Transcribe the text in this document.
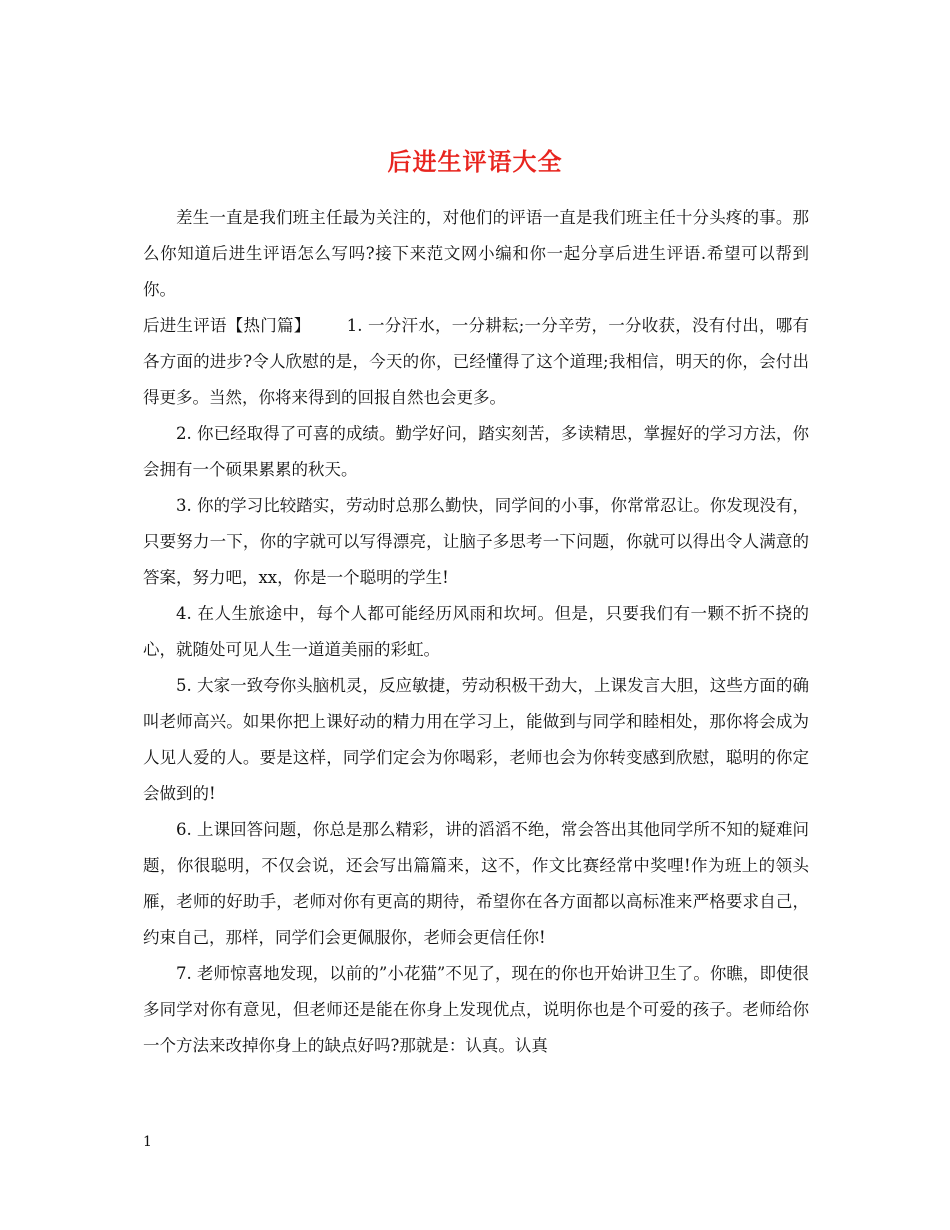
后进生评语大全

差生一直是我们班主任最为关注的，对他们的评语一直是我们班主任十分头疼的事。那么你知道后进生评语怎么写吗?接下来范文网小编和你一起分享后进生评语.希望可以帮到你。

后进生评语【热门篇】 1. 一分汗水，一分耕耘;一分辛劳，一分收获，没有付出，哪有各方面的进步?令人欣慰的是，今天的你，已经懂得了这个道理;我相信，明天的你，会付出得更多。当然，你将来得到的回报自然也会更多。

2. 你已经取得了可喜的成绩。勤学好问，踏实刻苦，多读精思，掌握好的学习方法，你会拥有一个硕果累累的秋天。

3. 你的学习比较踏实，劳动时总那么勤快，同学间的小事，你常常忍让。你发现没有，只要努力一下，你的字就可以写得漂亮，让脑子多思考一下问题，你就可以得出令人满意的答案，努力吧，xx，你是一个聪明的学生!

4. 在人生旅途中，每个人都可能经历风雨和坎坷。但是，只要我们有一颗不折不挠的心，就随处可见人生一道道美丽的彩虹。

5. 大家一致夸你头脑机灵，反应敏捷，劳动积极干劲大，上课发言大胆，这些方面的确叫老师高兴。如果你把上课好动的精力用在学习上，能做到与同学和睦相处，那你将会成为人见人爱的人。要是这样，同学们定会为你喝彩，老师也会为你转变感到欣慰，聪明的你定会做到的!

6. 上课回答问题，你总是那么精彩，讲的滔滔不绝，常会答出其他同学所不知的疑难问题，你很聪明，不仅会说，还会写出篇篇来，这不，作文比赛经常中奖哩!作为班上的领头雁，老师的好助手，老师对你有更高的期待，希望你在各方面都以高标准来严格要求自己，约束自己，那样，同学们会更佩服你，老师会更信任你!

7. 老师惊喜地发现，以前的”小花猫”不见了，现在的你也开始讲卫生了。你瞧，即使很多同学对你有意见，但老师还是能在你身上发现优点，说明你也是个可爱的孩子。老师给你一个方法来改掉你身上的缺点好吗?那就是：认真。认真

1
